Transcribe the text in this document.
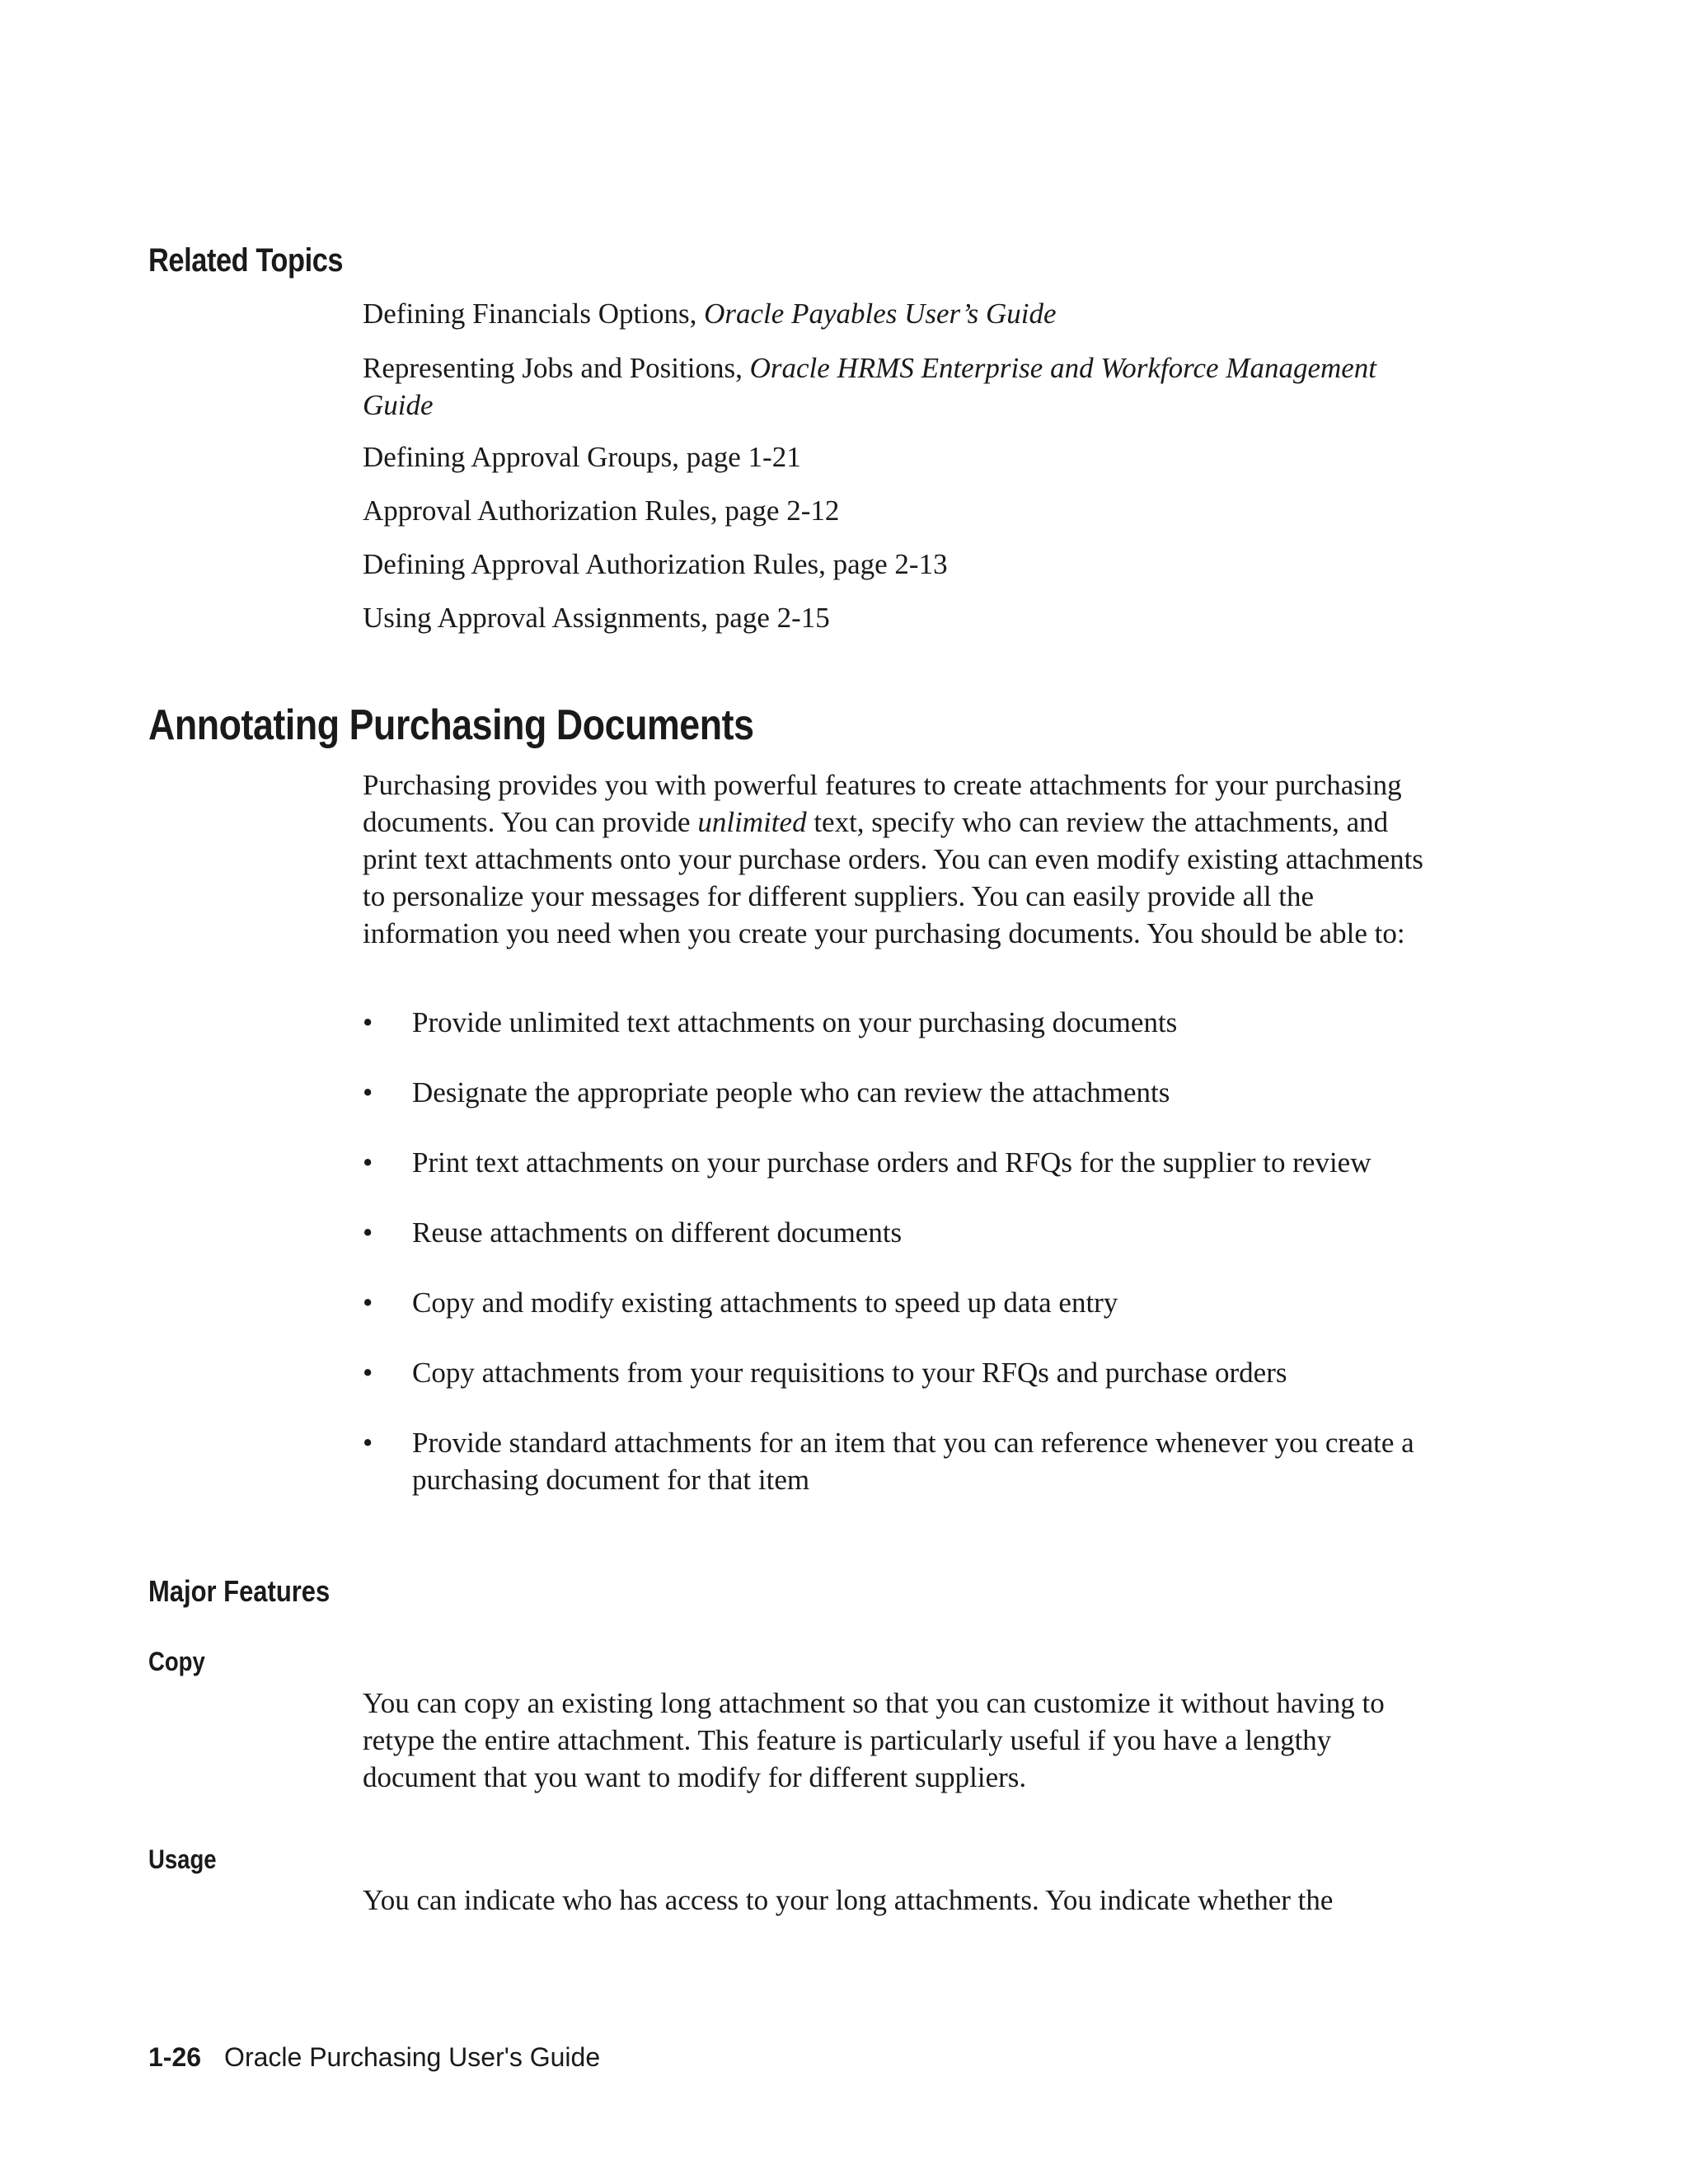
Related Topics
Defining Financials Options, Oracle Payables User’s Guide
Representing Jobs and Positions, Oracle HRMS Enterprise and Workforce Management Guide
Defining Approval Groups, page 1-21
Approval Authorization Rules, page 2-12
Defining Approval Authorization Rules, page 2-13
Using Approval Assignments, page 2-15
Annotating Purchasing Documents
Purchasing provides you with powerful features to create attachments for your purchasing documents. You can provide unlimited text, specify who can review the attachments, and print text attachments onto your purchase orders. You can even modify existing attachments to personalize your messages for different suppliers. You can easily provide all the information you need when you create your purchasing documents. You should be able to:
• Provide unlimited text attachments on your purchasing documents
• Designate the appropriate people who can review the attachments
• Print text attachments on your purchase orders and RFQs for the supplier to review
• Reuse attachments on different documents
• Copy and modify existing attachments to speed up data entry
• Copy attachments from your requisitions to your RFQs and purchase orders
• Provide standard attachments for an item that you can reference whenever you create a purchasing document for that item
Major Features
Copy
You can copy an existing long attachment so that you can customize it without having to retype the entire attachment. This feature is particularly useful if you have a lengthy document that you want to modify for different suppliers.
Usage
You can indicate who has access to your long attachments. You indicate whether the
1-26 Oracle Purchasing User's Guide
